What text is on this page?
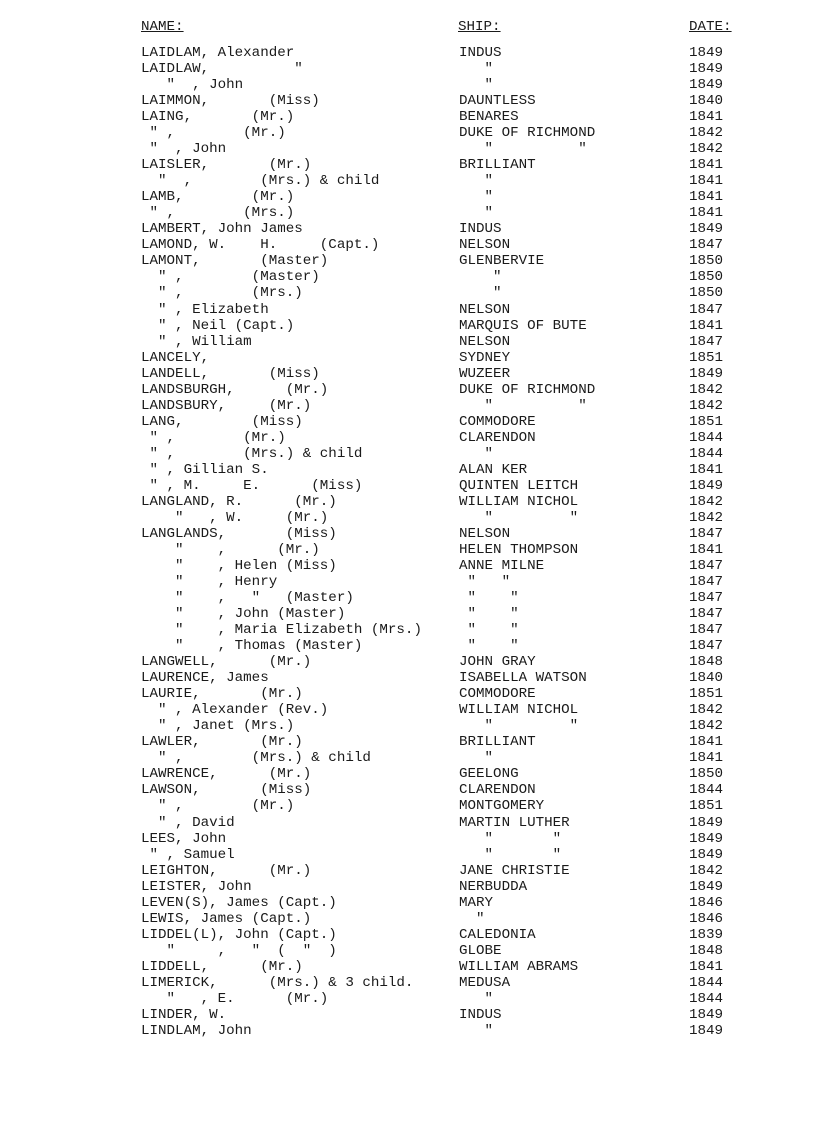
NAME:	SHIP:	DATE:
LAIDLAM, Alexander	INDUS	1849
LAIDLAW,          "	"	1849
"  , John	"	1849
LAIMMON,       (Miss)	DAUNTLESS	1840
LAING,       (Mr.)	BENARES	1841
" ,        (Mr.)	DUKE OF RICHMOND	1842
"  , John	"          "	1842
LAISLER,       (Mr.)	BRILLIANT	1841
"  ,        (Mrs.) & child	"	1841
LAMB,        (Mr.)	"	1841
" ,        (Mrs.)	"	1841
LAMBERT, John James	INDUS	1849
LAMOND, W.    H.     (Capt.)	NELSON	1847
LAMONT,       (Master)	GLENBERVIE	1850
" ,        (Master)	"	1850
" ,        (Mrs.)	"	1850
" , Elizabeth	NELSON	1847
" , Neil (Capt.)	MARQUIS OF BUTE	1841
" , William	NELSON	1847
LANCELY,	SYDNEY	1851
LANDELL,       (Miss)	WUZEER	1849
LANDSBURGH,      (Mr.)	DUKE OF RICHMOND	1842
LANDSBURY,     (Mr.)	"          "	1842
LANG,        (Miss)	COMMODORE	1851
" ,        (Mr.)	CLARENDON	1844
" ,        (Mrs.) & child	"	1844
" , Gillian S.	ALAN KER	1841
" , M.     E.      (Miss)	QUINTEN LEITCH	1849
LANGLAND, R.      (Mr.)	WILLIAM NICHOL	1842
"   , W.     (Mr.)	"         "	1842
LANGLANDS,       (Miss)	NELSON	1847
"    ,      (Mr.)	HELEN THOMPSON	1841
"    , Helen (Miss)	ANNE MILNE	1847
"    , Henry	"   "	1847
"    ,   "   (Master)	"    "	1847
"    , John (Master)	"    "	1847
"    , Maria Elizabeth (Mrs.)	"    "	1847
"    , Thomas (Master)	"    "	1847
LANGWELL,      (Mr.)	JOHN GRAY	1848
LAURENCE, James	ISABELLA WATSON	1840
LAURIE,       (Mr.)	COMMODORE	1851
" , Alexander (Rev.)	WILLIAM NICHOL	1842
" , Janet (Mrs.)	"         "	1842
LAWLER,       (Mr.)	BRILLIANT	1841
" ,        (Mrs.) & child	"	1841
LAWRENCE,      (Mr.)	GEELONG	1850
LAWSON,       (Miss)	CLARENDON	1844
" ,        (Mr.)	MONTGOMERY	1851
" , David	MARTIN LUTHER	1849
LEES, John	"       "	1849
" , Samuel	"       "	1849
LEIGHTON,      (Mr.)	JANE CHRISTIE	1842
LEISTER, John	NERBUDDA	1849
LEVEN(S), James (Capt.)	MARY	1846
LEWIS, James (Capt.)	"	1846
LIDDEL(L), John (Capt.)	CALEDONIA	1839
"     ,   "  (  "  )	GLOBE	1848
LIDDELL,      (Mr.)	WILLIAM ABRAMS	1841
LIMERICK,      (Mrs.) & 3 child.	MEDUSA	1844
"   , E.      (Mr.)	"	1844
LINDER, W.	INDUS	1849
LINDLAM, John	"	1849
